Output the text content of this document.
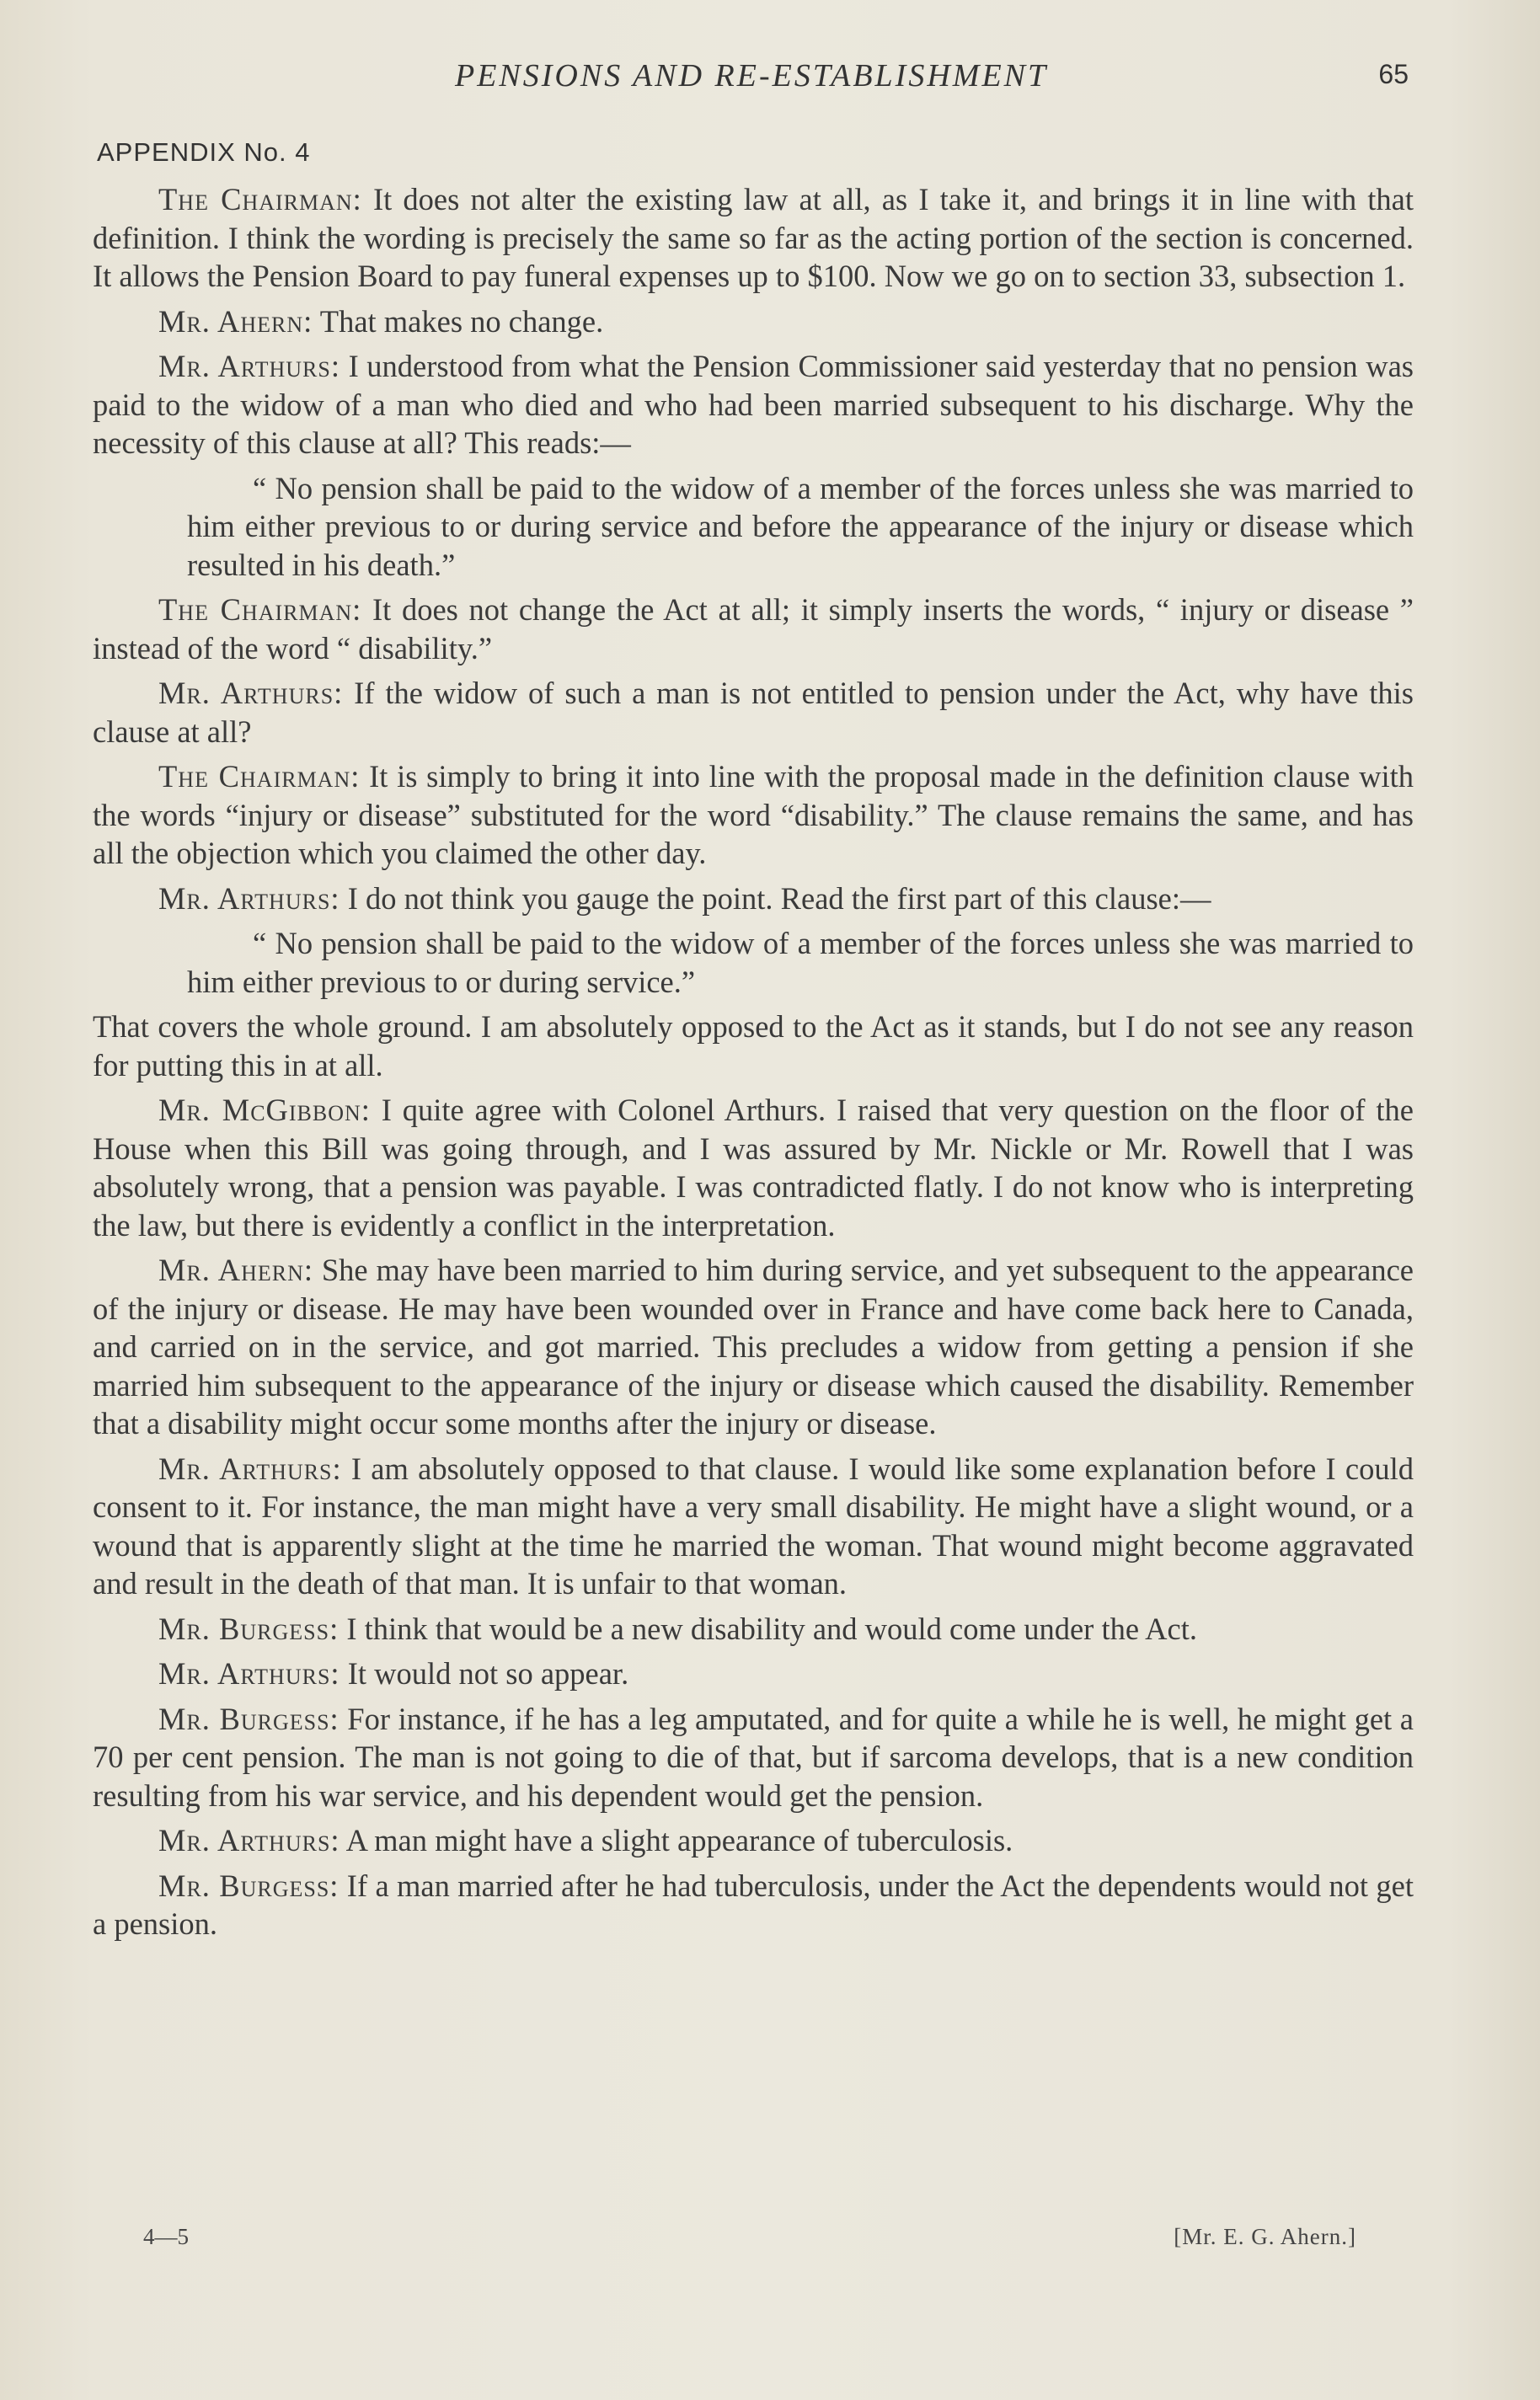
PENSIONS AND RE-ESTABLISHMENT	65
APPENDIX No. 4

The Chairman: It does not alter the existing law at all, as I take it, and brings it in line with that definition. I think the wording is precisely the same so far as the acting portion of the section is concerned. It allows the Pension Board to pay funeral expenses up to $100. Now we go on to section 33, subsection 1.

Mr. Ahern: That makes no change.

Mr. Arthurs: I understood from what the Pension Commissioner said yesterday that no pension was paid to the widow of a man who died and who had been married subsequent to his discharge. Why the necessity of this clause at all? This reads:—

“ No pension shall be paid to the widow of a member of the forces unless she was married to him either previous to or during service and before the appearance of the injury or disease which resulted in his death.”

The Chairman: It does not change the Act at all; it simply inserts the words, “ injury or disease ” instead of the word “ disability.”

Mr. Arthurs: If the widow of such a man is not entitled to pension under the Act, why have this clause at all?

The Chairman: It is simply to bring it into line with the proposal made in the definition clause with the words “injury or disease” substituted for the word “disability.” The clause remains the same, and has all the objection which you claimed the other day.

Mr. Arthurs: I do not think you gauge the point. Read the first part of this clause:—

“ No pension shall be paid to the widow of a member of the forces unless she was married to him either previous to or during service.”

That covers the whole ground. I am absolutely opposed to the Act as it stands, but I do not see any reason for putting this in at all.

Mr. McGibbon: I quite agree with Colonel Arthurs. I raised that very question on the floor of the House when this Bill was going through, and I was assured by Mr. Nickle or Mr. Rowell that I was absolutely wrong, that a pension was payable. I was contradicted flatly. I do not know who is interpreting the law, but there is evidently a conflict in the interpretation.

Mr. Ahern: She may have been married to him during service, and yet subsequent to the appearance of the injury or disease. He may have been wounded over in France and have come back here to Canada, and carried on in the service, and got married. This precludes a widow from getting a pension if she married him subsequent to the appearance of the injury or disease which caused the disability. Remember that a disability might occur some months after the injury or disease.

Mr. Arthurs: I am absolutely opposed to that clause. I would like some explanation before I could consent to it. For instance, the man might have a very small disability. He might have a slight wound, or a wound that is apparently slight at the time he married the woman. That wound might become aggravated and result in the death of that man. It is unfair to that woman.

Mr. Burgess: I think that would be a new disability and would come under the Act.

Mr. Arthurs: It would not so appear.

Mr. Burgess: For instance, if he has a leg amputated, and for quite a while he is well, he might get a 70 per cent pension. The man is not going to die of that, but if sarcoma develops, that is a new condition resulting from his war service, and his dependent would get the pension.

Mr. Arthurs: A man might have a slight appearance of tuberculosis.

Mr. Burgess: If a man married after he had tuberculosis, under the Act the dependents would not get a pension.

4—5	[Mr. E. G. Ahern.]
